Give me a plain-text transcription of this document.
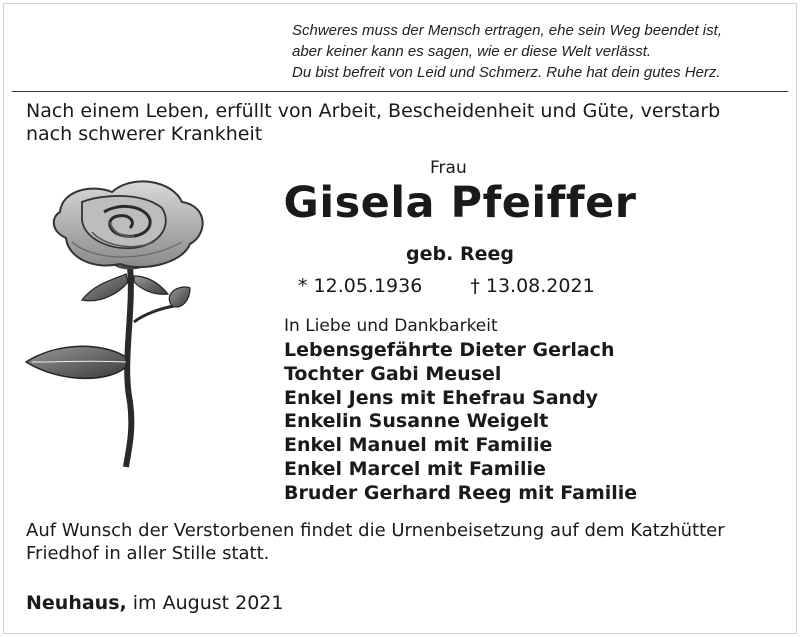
Schweres muss der Mensch ertragen, ehe sein Weg beendet ist,
aber keiner kann es sagen, wie er diese Welt verlässt.
Du bist befreit von Leid und Schmerz. Ruhe hat dein gutes Herz.
Nach einem Leben, erfüllt von Arbeit, Bescheidenheit und Güte, verstarb nach schwerer Krankheit
Frau
Gisela Pfeiffer
geb. Reeg
* 12.05.1936	† 13.08.2021
In Liebe und Dankbarkeit
Lebensgefährte Dieter Gerlach
Tochter Gabi Meusel
Enkel Jens mit Ehefrau Sandy
Enkelin Susanne Weigelt
Enkel Manuel mit Familie
Enkel Marcel mit Familie
Bruder Gerhard Reeg mit Familie
Auf Wunsch der Verstorbenen findet die Urnenbeisetzung auf dem Katzhütter Friedhof in aller Stille statt.
Neuhaus, im August 2021
